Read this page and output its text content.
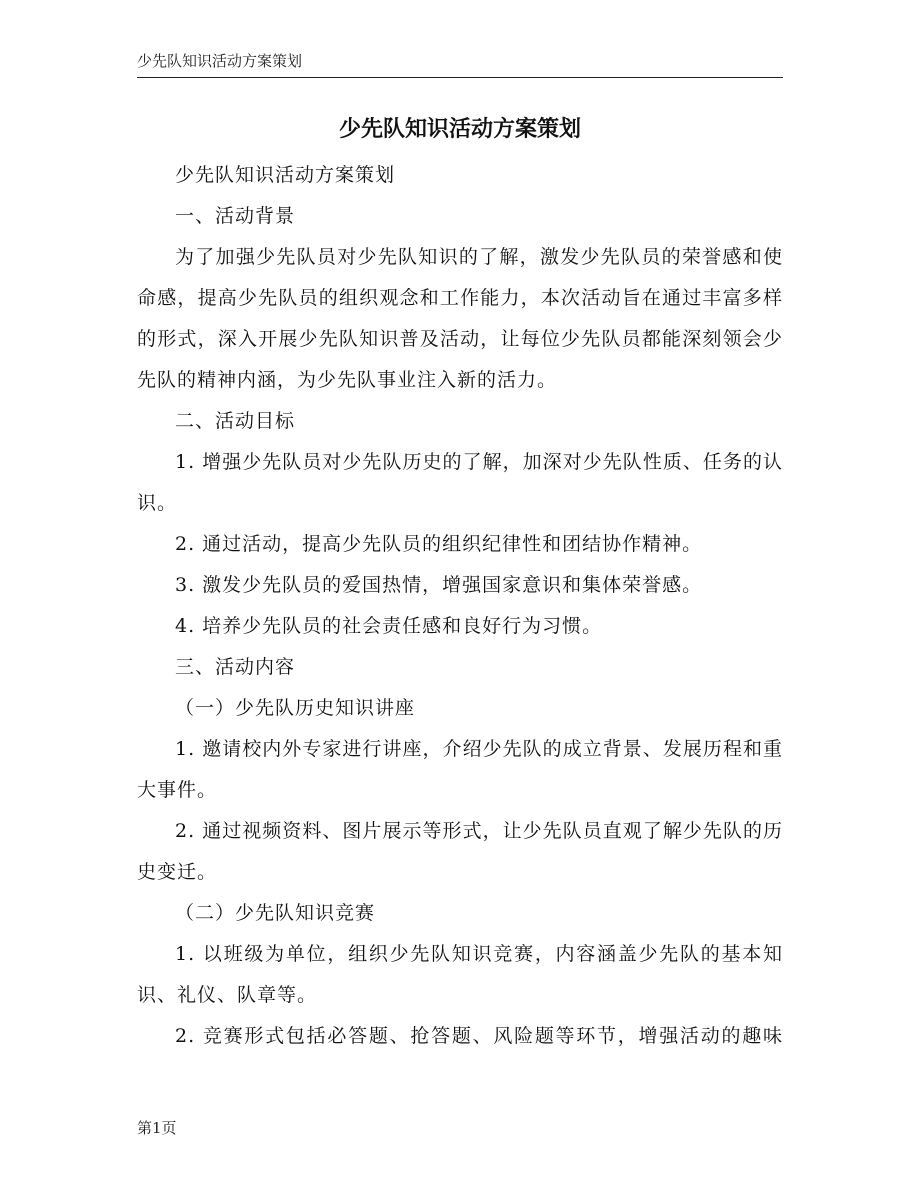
少先队知识活动方案策划
少先队知识活动方案策划

少先队知识活动方案策划

一、活动背景

为了加强少先队员对少先队知识的了解，激发少先队员的荣誉感和使命感，提高少先队员的组织观念和工作能力，本次活动旨在通过丰富多样的形式，深入开展少先队知识普及活动，让每位少先队员都能深刻领会少先队的精神内涵，为少先队事业注入新的活力。

二、活动目标

1. 增强少先队员对少先队历史的了解，加深对少先队性质、任务的认识。

2. 通过活动，提高少先队员的组织纪律性和团结协作精神。

3. 激发少先队员的爱国热情，增强国家意识和集体荣誉感。

4. 培养少先队员的社会责任感和良好行为习惯。

三、活动内容

（一）少先队历史知识讲座

1. 邀请校内外专家进行讲座，介绍少先队的成立背景、发展历程和重大事件。

2. 通过视频资料、图片展示等形式，让少先队员直观了解少先队的历史变迁。

（二）少先队知识竞赛

1. 以班级为单位，组织少先队知识竞赛，内容涵盖少先队的基本知识、礼仪、队章等。

2. 竞赛形式包括必答题、抢答题、风险题等环节，增强活动的趣味

第1页
